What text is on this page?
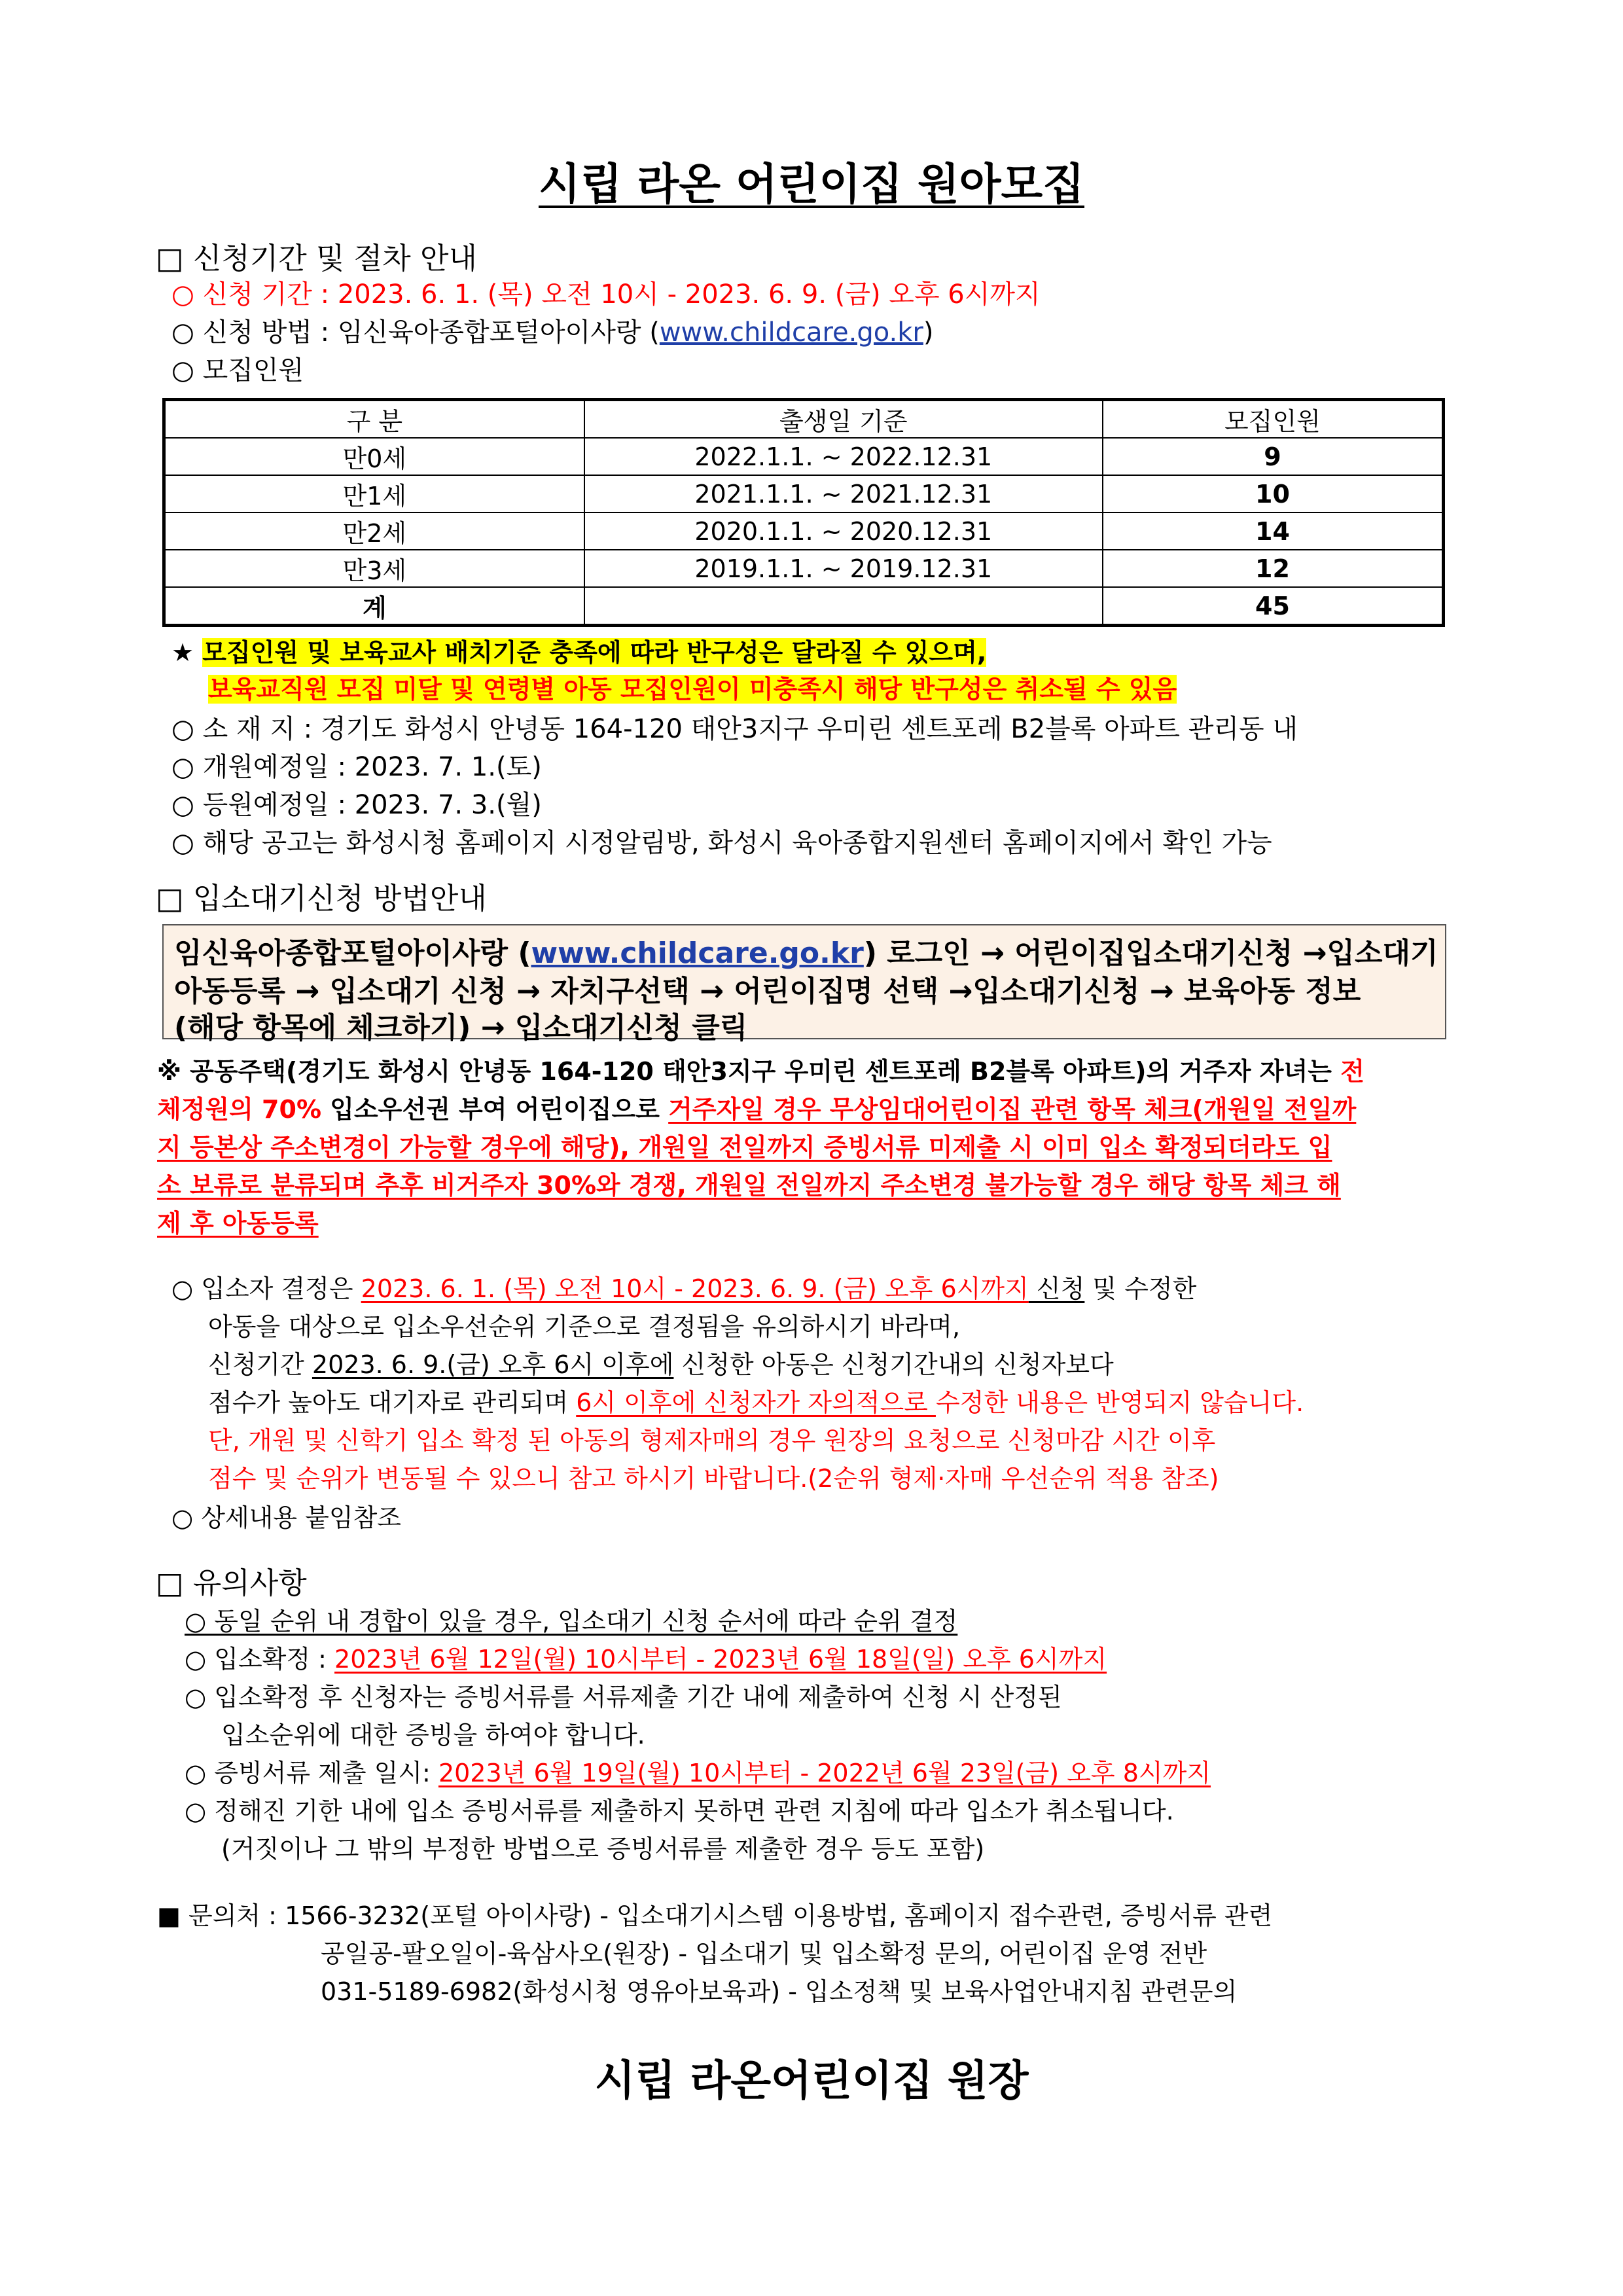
시립 라온 어린이집 원아모집
□ 신청기간 및 절차 안내
○ 신청 기간 : 2023. 6. 1. (목) 오전 10시 - 2023. 6. 9. (금) 오후 6시까지
○ 신청 방법 : 임신육아종합포털아이사랑 (www.childcare.go.kr)
○ 모집인원
구 분	출생일 기준	모집인원
만0세	2022.1.1. ~ 2022.12.31	9
만1세	2021.1.1. ~ 2021.12.31	10
만2세	2020.1.1. ~ 2020.12.31	14
만3세	2019.1.1. ~ 2019.12.31	12
계		45
★ 모집인원 및 보육교사 배치기준 충족에 따라 반구성은 달라질 수 있으며,
보육교직원 모집 미달 및 연령별 아동 모집인원이 미충족시 해당 반구성은 취소될 수 있음
○ 소 재 지 : 경기도 화성시 안녕동 164-120 태안3지구 우미린 센트포레 B2블록 아파트 관리동 내
○ 개원예정일 : 2023. 7. 1.(토)
○ 등원예정일 : 2023. 7. 3.(월)
○ 해당 공고는 화성시청 홈페이지 시정알림방, 화성시 육아종합지원센터 홈페이지에서 확인 가능
□ 입소대기신청 방법안내
임신육아종합포털아이사랑 (www.childcare.go.kr) 로그인 → 어린이집입소대기신청 →입소대기
아동등록 → 입소대기 신청 → 자치구선택 → 어린이집명 선택 →입소대기신청 → 보육아동 정보
(해당 항목에 체크하기) → 입소대기신청 클릭
※ 공동주택(경기도 화성시 안녕동 164-120 태안3지구 우미린 센트포레 B2블록 아파트)의 거주자 자녀는 전
체정원의 70% 입소우선권 부여 어린이집으로 거주자일 경우 무상임대어린이집 관련 항목 체크(개원일 전일까
지 등본상 주소변경이 가능할 경우에 해당), 개원일 전일까지 증빙서류 미제출 시 이미 입소 확정되더라도 입
소 보류로 분류되며 추후 비거주자 30%와 경쟁, 개원일 전일까지 주소변경 불가능할 경우 해당 항목 체크 해
제 후 아동등록
○ 입소자 결정은 2023. 6. 1. (목) 오전 10시 - 2023. 6. 9. (금) 오후 6시까지 신청 및 수정한
아동을 대상으로 입소우선순위 기준으로 결정됨을 유의하시기 바라며,
신청기간 2023. 6. 9.(금) 오후 6시 이후에 신청한 아동은 신청기간내의 신청자보다
점수가 높아도 대기자로 관리되며 6시 이후에 신청자가 자의적으로 수정한 내용은 반영되지 않습니다.
단, 개원 및 신학기 입소 확정 된 아동의 형제자매의 경우 원장의 요청으로 신청마감 시간 이후
점수 및 순위가 변동될 수 있으니 참고 하시기 바랍니다.(2순위 형제·자매 우선순위 적용 참조)
○ 상세내용 붙임참조
□ 유의사항
○ 동일 순위 내 경합이 있을 경우, 입소대기 신청 순서에 따라 순위 결정
○ 입소확정 : 2023년 6월 12일(월) 10시부터 - 2023년 6월 18일(일) 오후 6시까지
○ 입소확정 후 신청자는 증빙서류를 서류제출 기간 내에 제출하여 신청 시 산정된
입소순위에 대한 증빙을 하여야 합니다.
○ 증빙서류 제출 일시: 2023년 6월 19일(월) 10시부터 - 2022년 6월 23일(금) 오후 8시까지
○ 정해진 기한 내에 입소 증빙서류를 제출하지 못하면 관련 지침에 따라 입소가 취소됩니다.
(거짓이나 그 밖의 부정한 방법으로 증빙서류를 제출한 경우 등도 포함)
■ 문의처 : 1566-3232(포털 아이사랑) - 입소대기시스템 이용방법, 홈페이지 접수관련, 증빙서류 관련
공일공-팔오일이-육삼사오(원장) - 입소대기 및 입소확정 문의, 어린이집 운영 전반
031-5189-6982(화성시청 영유아보육과) - 입소정책 및 보육사업안내지침 관련문의
시립 라온어린이집 원장
